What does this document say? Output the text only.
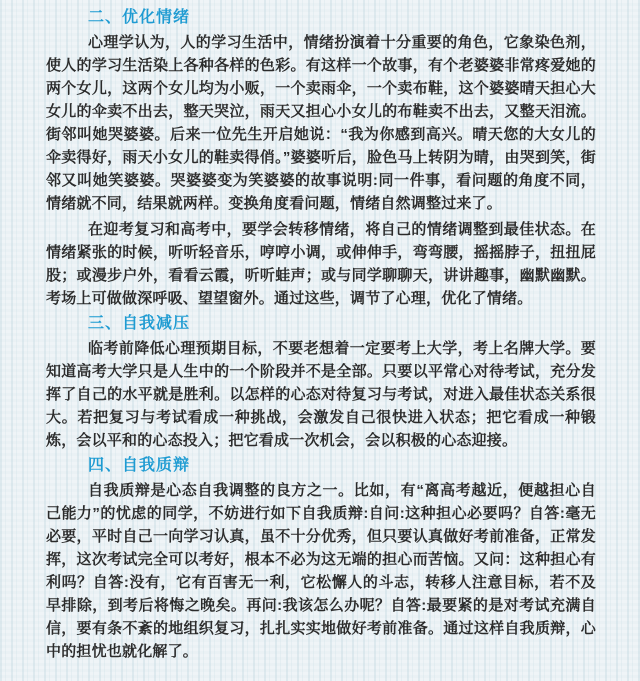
二、优化情绪

心理学认为，人的学习生活中，情绪扮演着十分重要的角色，它象染色剂，使人的学习生活染上各种各样的色彩。有这样一个故事，有个老婆婆非常疼爱她的两个女儿，这两个女儿均为小贩，一个卖雨伞，一个卖布鞋，这个婆婆晴天担心大女儿的伞卖不出去，整天哭泣，雨天又担心小女儿的布鞋卖不出去，又整天泪流。街邻叫她哭婆婆。后来一位先生开启她说：“我为你感到高兴。晴天您的大女儿的伞卖得好，雨天小女儿的鞋卖得俏。”婆婆听后，脸色马上转阴为晴，由哭到笑，街邻又叫她笑婆婆。哭婆婆变为笑婆婆的故事说明:同一件事，看问题的角度不同，情绪就不同，结果就两样。变换角度看问题，情绪自然调整过来了。

在迎考复习和高考中，要学会转移情绪，将自己的情绪调整到最佳状态。在情绪紧张的时候，听听轻音乐，哼哼小调，或伸伸手，弯弯腰，摇摇脖子，扭扭屁股；或漫步户外，看看云霞，听听蛙声；或与同学聊聊天，讲讲趣事，幽默幽默。考场上可做做深呼吸、望望窗外。通过这些，调节了心理，优化了情绪。

三、自我减压

临考前降低心理预期目标，不要老想着一定要考上大学，考上名牌大学。要知道高考大学只是人生中的一个阶段并不是全部。只要以平常心对待考试，充分发挥了自己的水平就是胜利。以怎样的心态对待复习与考试，对进入最佳状态关系很大。若把复习与考试看成一种挑战，会激发自己很快进入状态；把它看成一种锻炼，会以平和的心态投入；把它看成一次机会，会以积极的心态迎接。

四、自我质辩

自我质辩是心态自我调整的良方之一。比如，有“离高考越近，便越担心自己能力”的忧虑的同学，不妨进行如下自我质辩:自问:这种担心必要吗？自答:毫无必要，平时自己一向学习认真，虽不十分优秀，但只要认真做好考前准备，正常发挥，这次考试完全可以考好，根本不必为这无端的担心而苦恼。又问：这种担心有利吗？自答:没有，它有百害无一利，它松懈人的斗志，转移人注意目标，若不及早排除，到考后将悔之晚矣。再问:我该怎么办呢？自答:最要紧的是对考试充满自信，要有条不紊的地组织复习，扎扎实实地做好考前准备。通过这样自我质辩，心中的担忧也就化解了。
